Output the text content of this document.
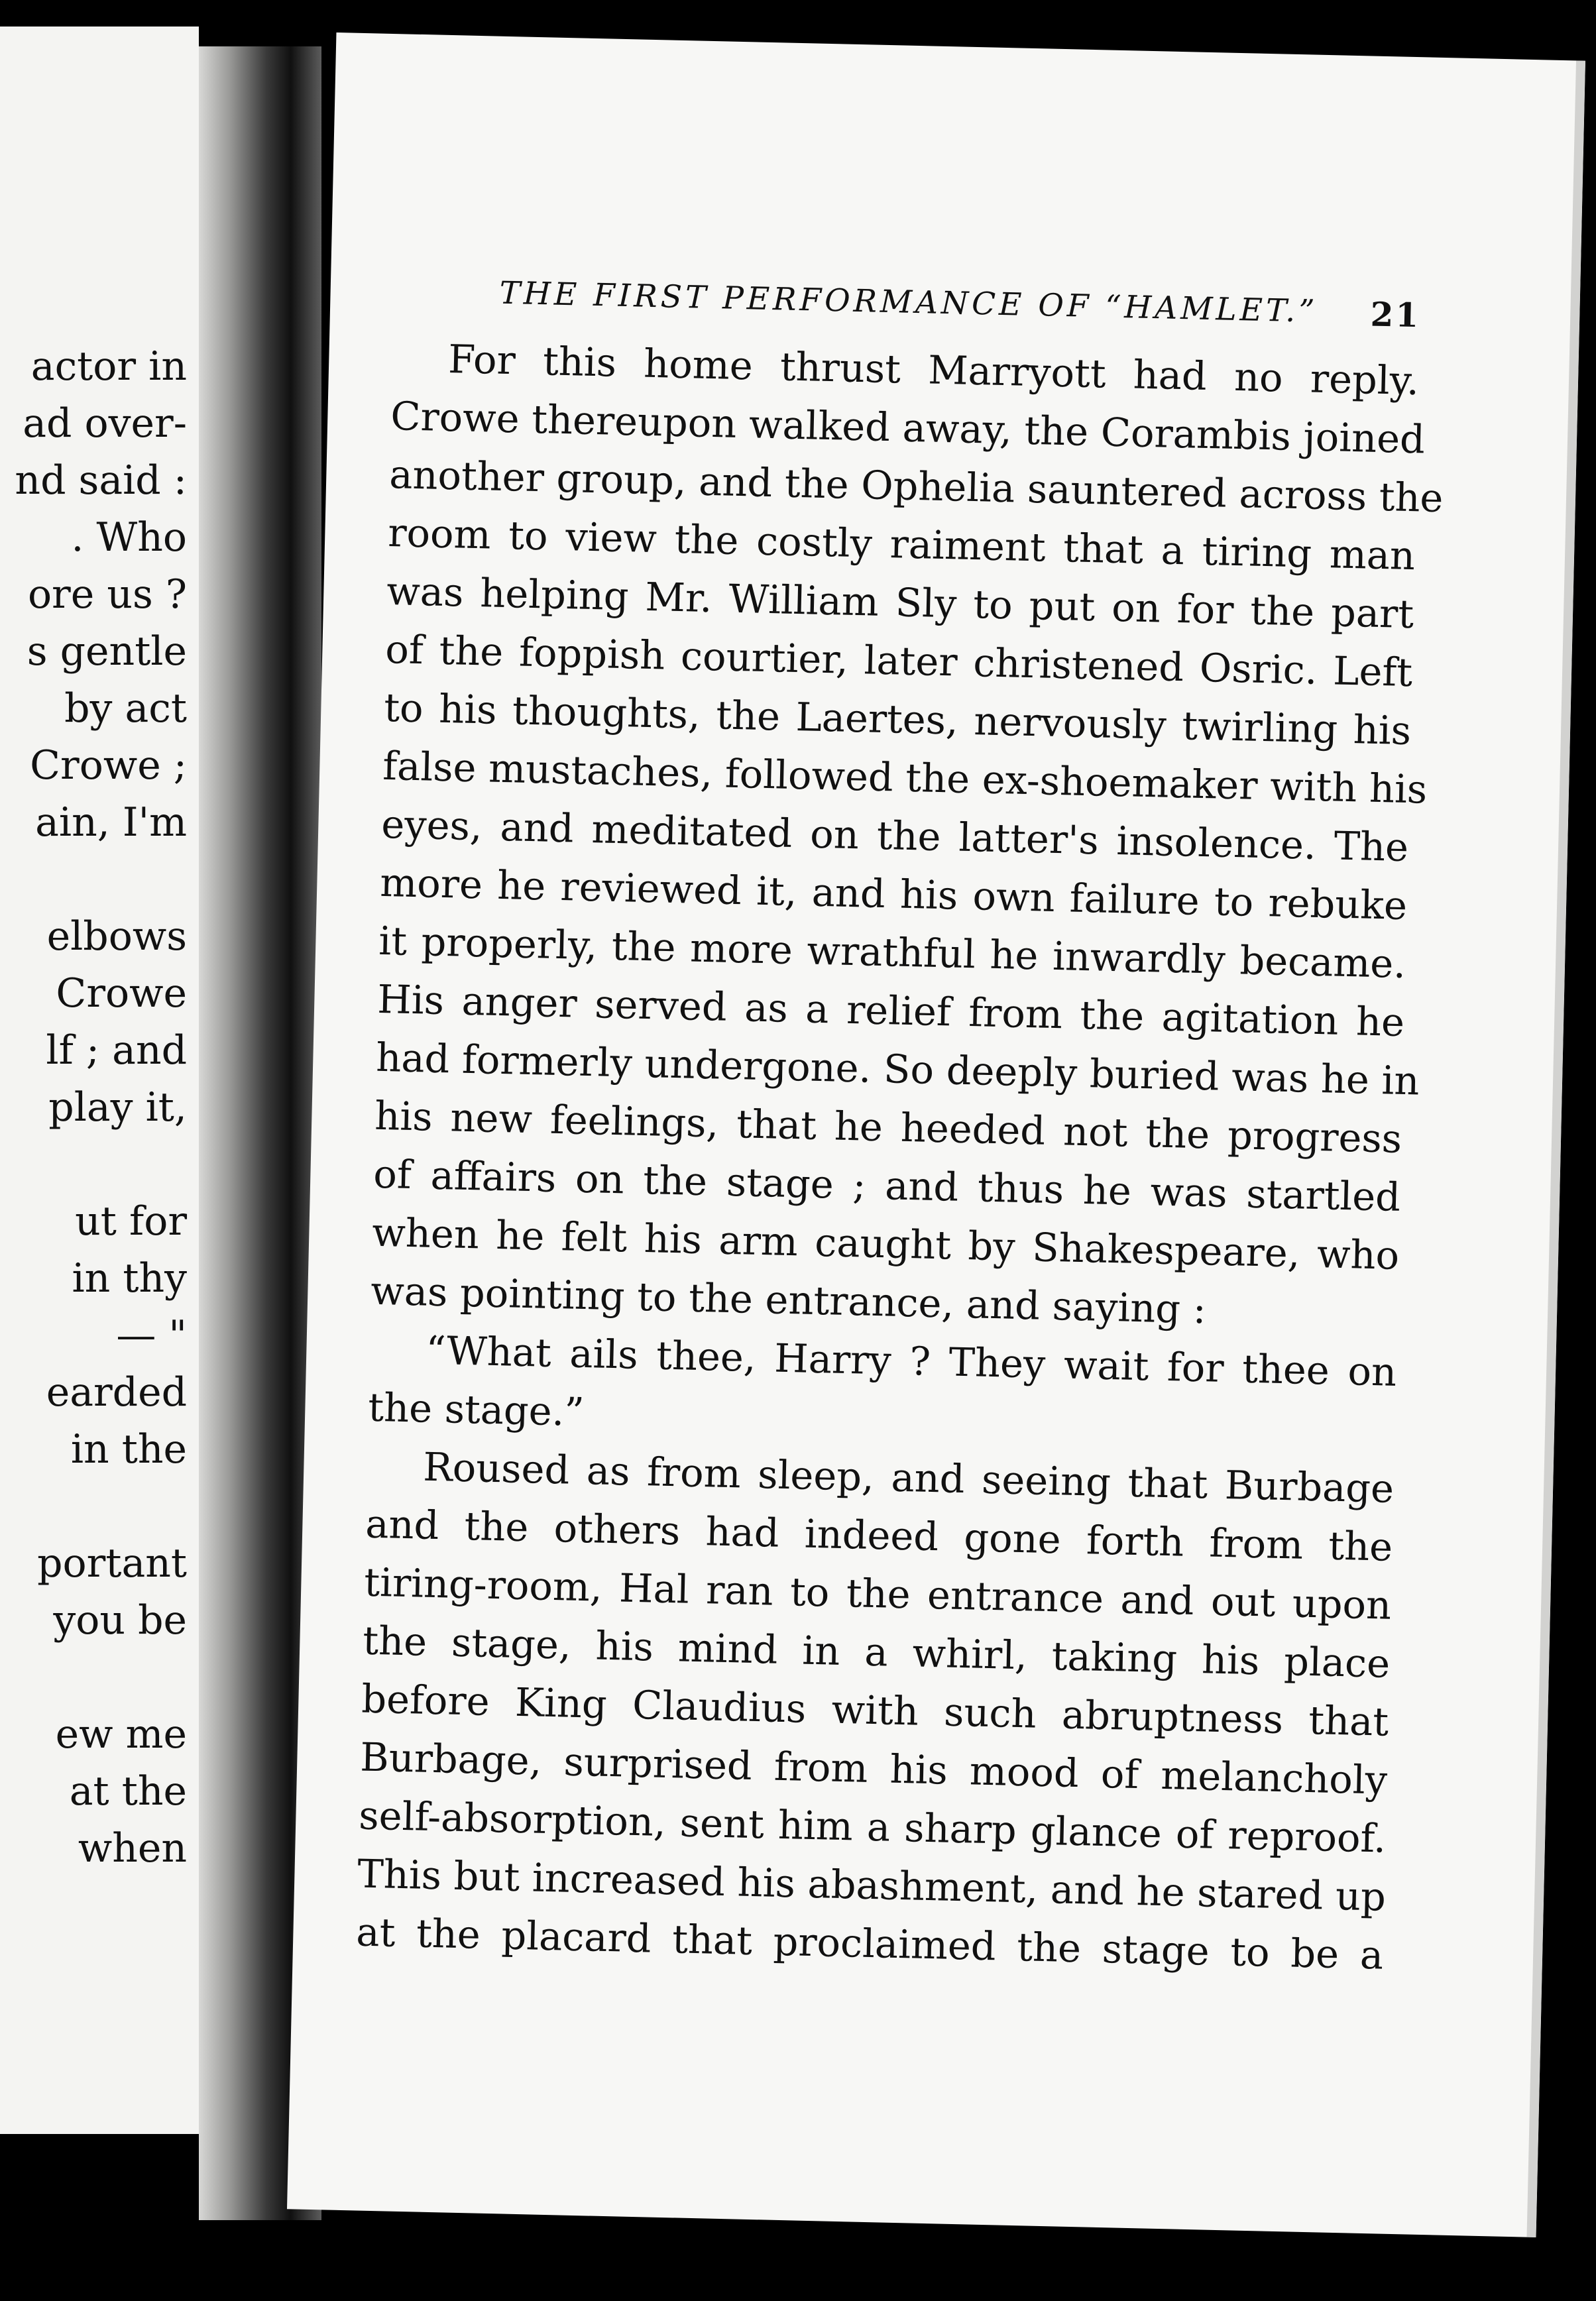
actor in
ad over-
nd said :
. Who
ore us ?
s gentle
by act
Crowe ;
ain, I'm
elbows
Crowe
lf ; and
play it,
ut for
in thy
— "
earded
in the
portant
you be
ew me
at the
when
THE FIRST PERFORMANCE OF “HAMLET.” 21
For this home thrust Marryott had no reply.
Crowe thereupon walked away, the Corambis joined
another group, and the Ophelia sauntered across the
room to view the costly raiment that a tiring man
was helping Mr. William Sly to put on for the part
of the foppish courtier, later christened Osric. Left
to his thoughts, the Laertes, nervously twirling his
false mustaches, followed the ex-shoemaker with his
eyes, and meditated on the latter's insolence. The
more he reviewed it, and his own failure to rebuke
it properly, the more wrathful he inwardly became.
His anger served as a relief from the agitation he
had formerly undergone. So deeply buried was he in
his new feelings, that he heeded not the progress
of affairs on the stage ; and thus he was startled
when he felt his arm caught by Shakespeare, who
was pointing to the entrance, and saying :
“What ails thee, Harry ? They wait for thee on
the stage.”
Roused as from sleep, and seeing that Burbage
and the others had indeed gone forth from the
tiring-room, Hal ran to the entrance and out upon
the stage, his mind in a whirl, taking his place
before King Claudius with such abruptness that
Burbage, surprised from his mood of melancholy
self-absorption, sent him a sharp glance of reproof.
This but increased his abashment, and he stared up
at the placard that proclaimed the stage to be a
